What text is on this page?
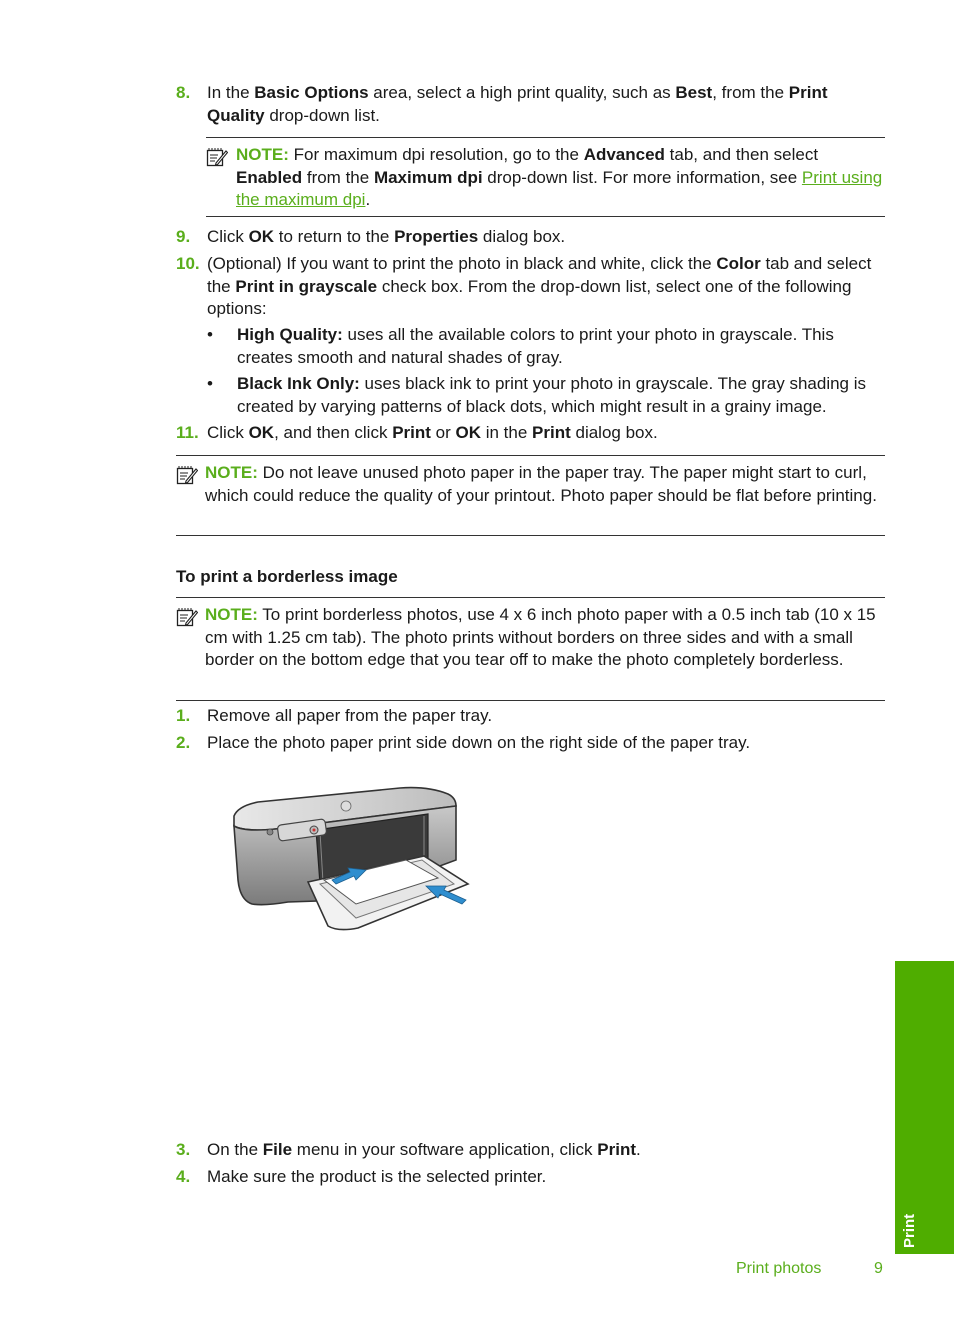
8. In the Basic Options area, select a high print quality, such as Best, from the Print Quality drop-down list.
NOTE: For maximum dpi resolution, go to the Advanced tab, and then select Enabled from the Maximum dpi drop-down list. For more information, see Print using the maximum dpi.
9. Click OK to return to the Properties dialog box.
10. (Optional) If you want to print the photo in black and white, click the Color tab and select the Print in grayscale check box. From the drop-down list, select one of the following options:
• High Quality: uses all the available colors to print your photo in grayscale. This creates smooth and natural shades of gray.
• Black Ink Only: uses black ink to print your photo in grayscale. The gray shading is created by varying patterns of black dots, which might result in a grainy image.
11. Click OK, and then click Print or OK in the Print dialog box.
NOTE: Do not leave unused photo paper in the paper tray. The paper might start to curl, which could reduce the quality of your printout. Photo paper should be flat before printing.
To print a borderless image
NOTE: To print borderless photos, use 4 x 6 inch photo paper with a 0.5 inch tab (10 x 15 cm with 1.25 cm tab). The photo prints without borders on three sides and with a small border on the bottom edge that you tear off to make the photo completely borderless.
1. Remove all paper from the paper tray.
2. Place the photo paper print side down on the right side of the paper tray.
3. On the File menu in your software application, click Print.
4. Make sure the product is the selected printer.
Print
Print photos	9
